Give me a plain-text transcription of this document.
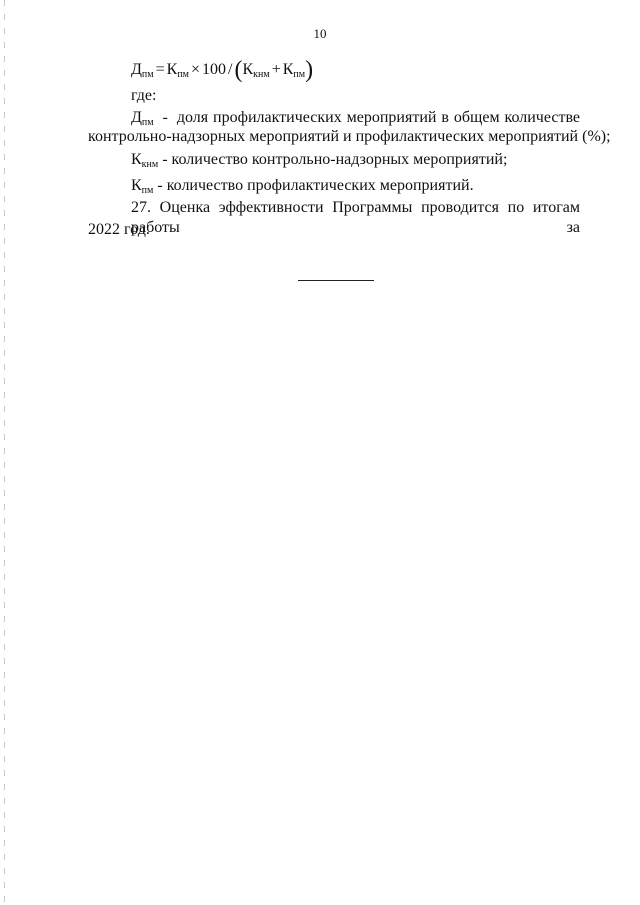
10
$Д_{пм} = К_{пм} \times 100$ $/(К_{кнм} + К_{пм})$
где:
$Д_{пм}$ - доля профилактических мероприятий в общем количестве
контрольно-надзорных мероприятий и профилактических мероприятий (%);
$К_{кнм}$ - количество контрольно-надзорных мероприятий;
$К_{пм}$ - количество профилактических мероприятий.
27. Оценка эффективности Программы проводится по итогам работы за
2022 год.
